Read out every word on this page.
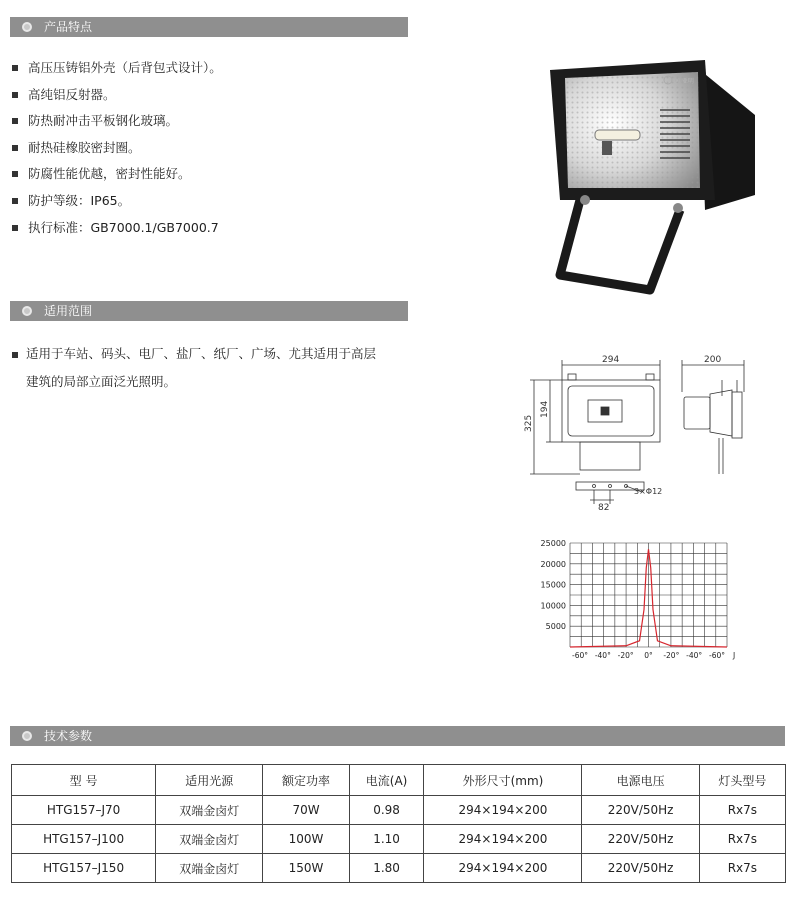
产品特点
高压压铸铝外壳（后背包式设计）。
高纯铝反射器。
防热耐冲击平板钢化玻璃。
耐热硅橡胶密封圈。
防腐性能优越，密封性能好。
防护等级：IP65。
执行标准：GB7000.1/GB7000.7
适用范围
适用于车站、码头、电厂、盐厂、纸厂、广场、尤其适用于高层
建筑的局部立面泛光照明。
ⓐ 亚明
294	200
325
194
82
3×Φ12
25000
20000
15000
10000
5000
-60° -40° -20° 0° -20° -40° -60° J
技术参数
型 号	适用光源	额定功率	电流(A)	外形尺寸(mm)	电源电压	灯头型号
HTG157–J70	双端金卤灯	70W	0.98	294×194×200	220V/50Hz	Rx7s
HTG157–J100	双端金卤灯	100W	1.10	294×194×200	220V/50Hz	Rx7s
HTG157–J150	双端金卤灯	150W	1.80	294×194×200	220V/50Hz	Rx7s
